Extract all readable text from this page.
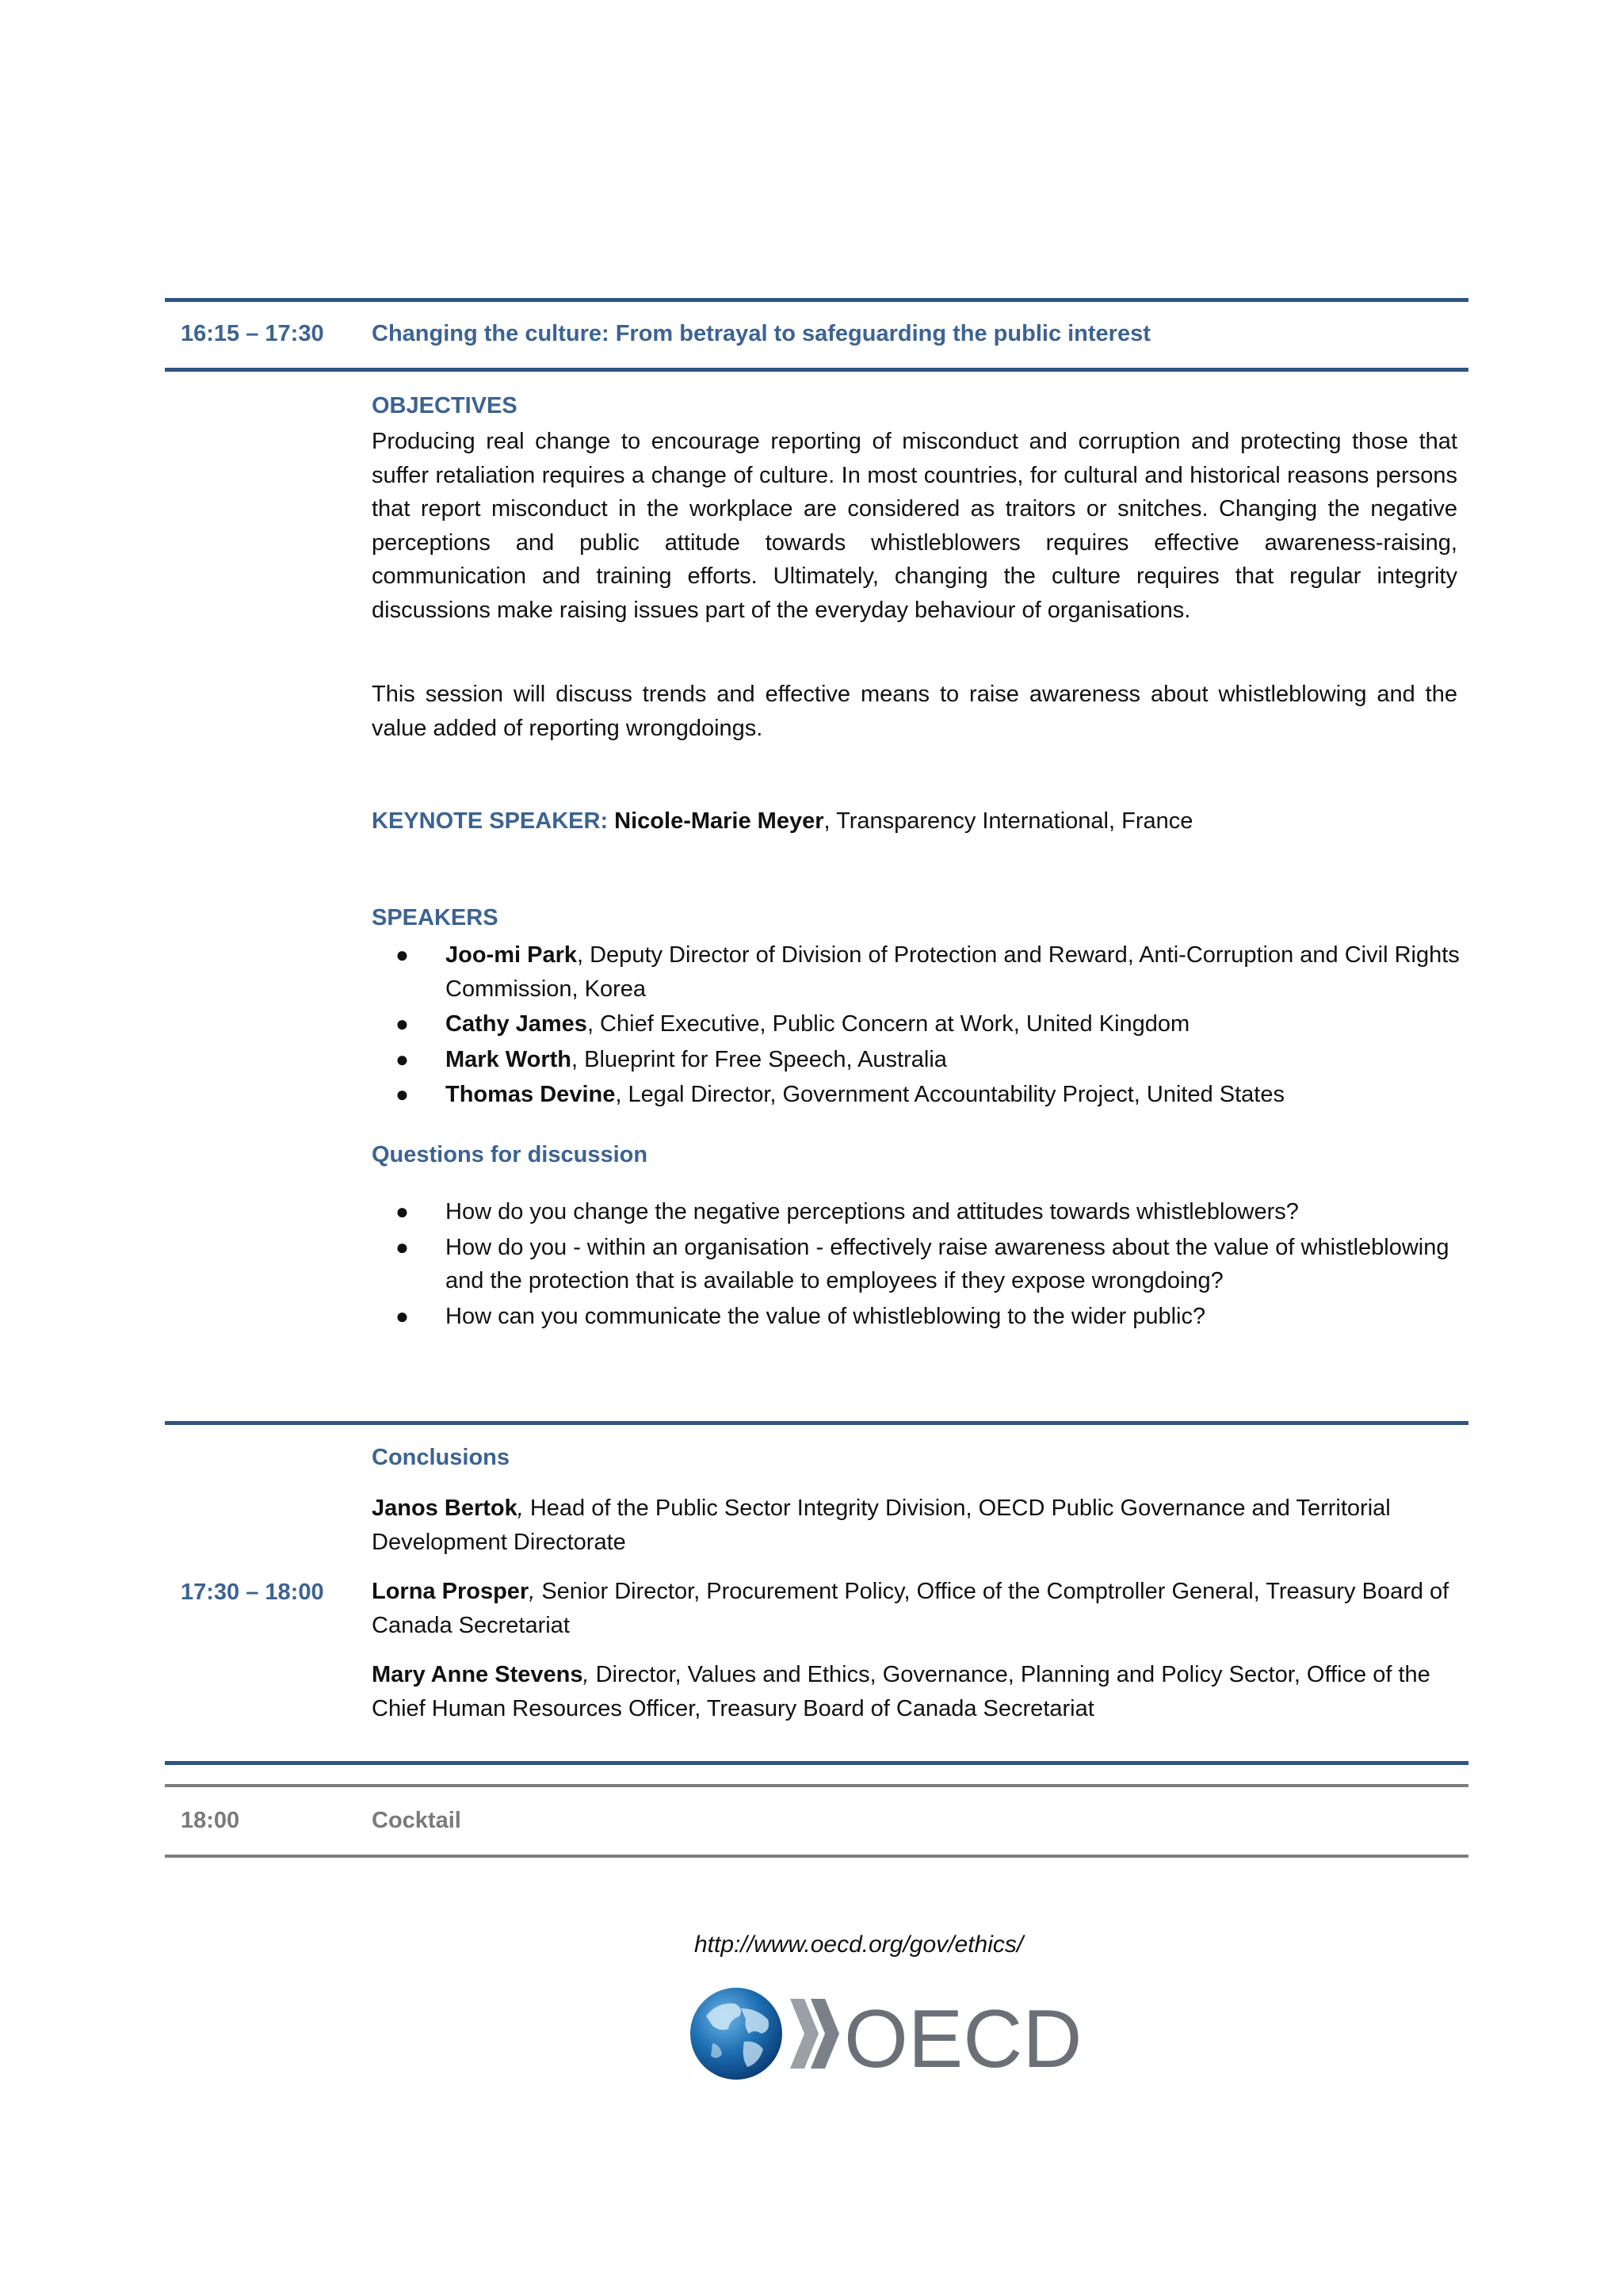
16:15 – 17:30 Changing the culture: From betrayal to safeguarding the public interest
OBJECTIVES

Producing real change to encourage reporting of misconduct and corruption and protecting those that suffer retaliation requires a change of culture. In most countries, for cultural and historical reasons persons that report misconduct in the workplace are considered as traitors or snitches. Changing the negative perceptions and public attitude towards whistleblowers requires effective awareness-raising, communication and training efforts. Ultimately, changing the culture requires that regular integrity discussions make raising issues part of the everyday behaviour of organisations.

This session will discuss trends and effective means to raise awareness about whistleblowing and the value added of reporting wrongdoings.

KEYNOTE SPEAKER: Nicole-Marie Meyer, Transparency International, France
SPEAKERS
● Joo-mi Park, Deputy Director of Division of Protection and Reward, Anti-Corruption and Civil Rights Commission, Korea
● Cathy James, Chief Executive, Public Concern at Work, United Kingdom
● Mark Worth, Blueprint for Free Speech, Australia
● Thomas Devine, Legal Director, Government Accountability Project, United States
Questions for discussion
● How do you change the negative perceptions and attitudes towards whistleblowers?
● How do you - within an organisation - effectively raise awareness about the value of whistleblowing and the protection that is available to employees if they expose wrongdoing?
● How can you communicate the value of whistleblowing to the wider public?
Conclusions
17:30 – 18:00
Janos Bertok, Head of the Public Sector Integrity Division, OECD Public Governance and Territorial Development Directorate
Lorna Prosper, Senior Director, Procurement Policy, Office of the Comptroller General, Treasury Board of Canada Secretariat
Mary Anne Stevens, Director, Values and Ethics, Governance, Planning and Policy Sector, Office of the Chief Human Resources Officer, Treasury Board of Canada Secretariat
18:00	Cocktail
http://www.oecd.org/gov/ethics/
OECD
